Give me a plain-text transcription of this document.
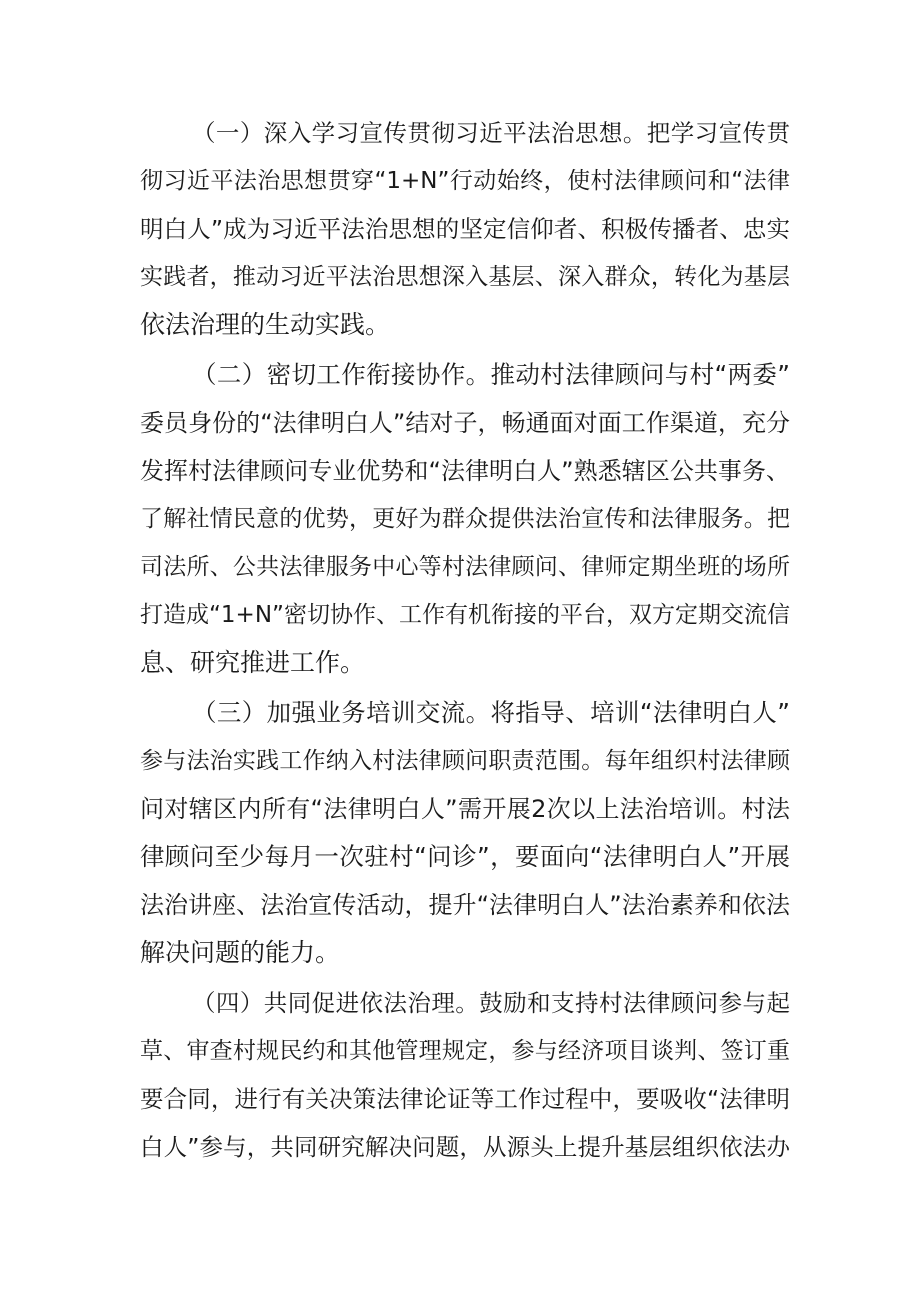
（一）深入学习宣传贯彻习近平法治思想。把学习宣传贯
彻习近平法治思想贯穿“1+N”行动始终，使村法律顾问和“法律
明白人”成为习近平法治思想的坚定信仰者、积极传播者、忠实
实践者，推动习近平法治思想深入基层、深入群众，转化为基层
依法治理的生动实践。
（二）密切工作衔接协作。推动村法律顾问与村“两委”
委员身份的“法律明白人”结对子，畅通面对面工作渠道，充分
发挥村法律顾问专业优势和“法律明白人”熟悉辖区公共事务、
了解社情民意的优势，更好为群众提供法治宣传和法律服务。把
司法所、公共法律服务中心等村法律顾问、律师定期坐班的场所
打造成“1+N”密切协作、工作有机衔接的平台，双方定期交流信
息、研究推进工作。
（三）加强业务培训交流。将指导、培训“法律明白人”
参与法治实践工作纳入村法律顾问职责范围。每年组织村法律顾
问对辖区内所有“法律明白人”需开展2次以上法治培训。村法
律顾问至少每月一次驻村“问诊”，要面向“法律明白人”开展
法治讲座、法治宣传活动，提升“法律明白人”法治素养和依法
解决问题的能力。
（四）共同促进依法治理。鼓励和支持村法律顾问参与起
草、审查村规民约和其他管理规定，参与经济项目谈判、签订重
要合同，进行有关决策法律论证等工作过程中，要吸收“法律明
白人”参与，共同研究解决问题，从源头上提升基层组织依法办
